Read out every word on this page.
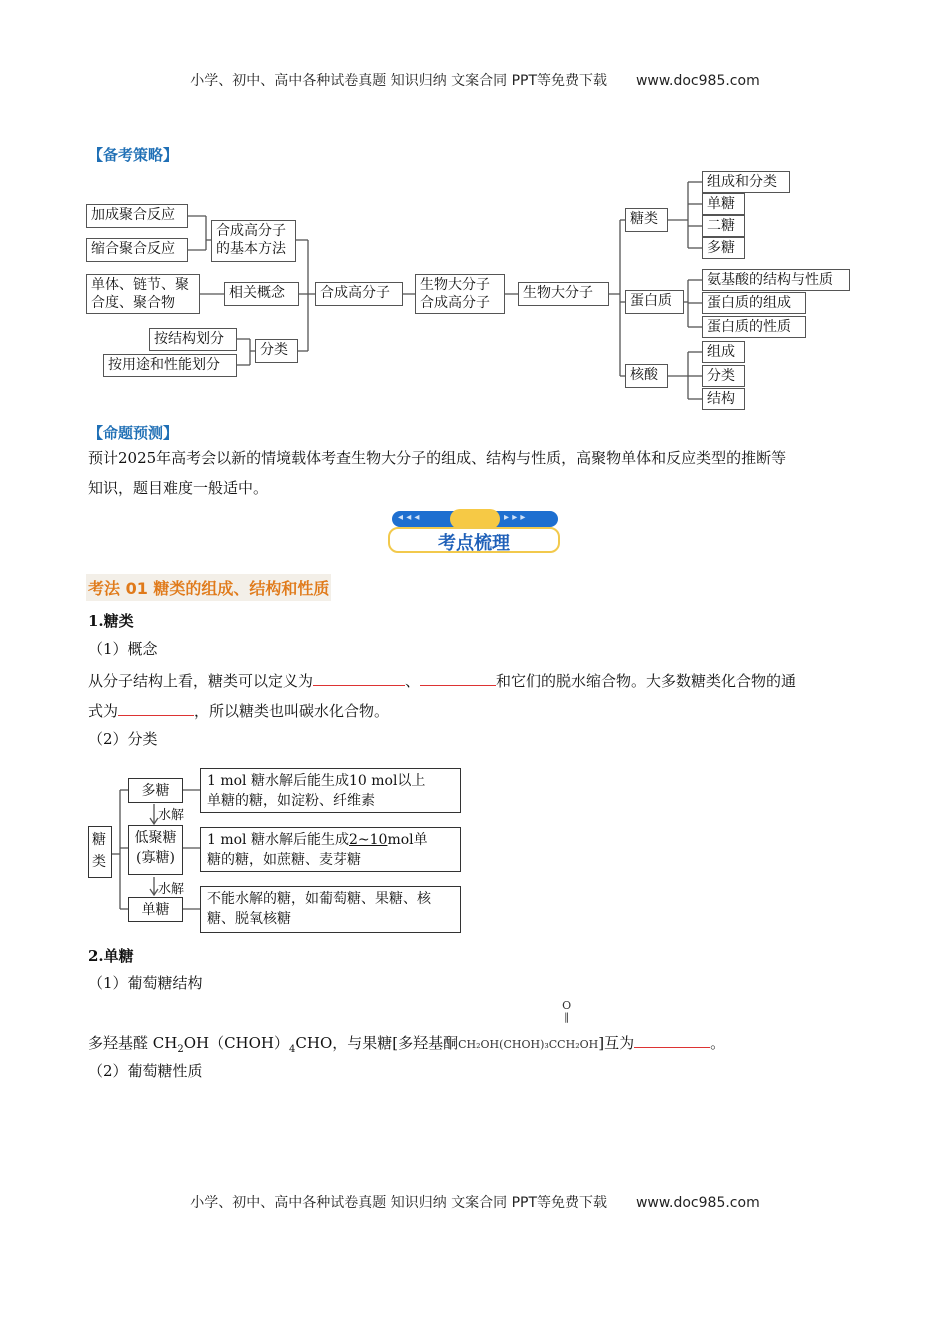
小学、初中、高中各种试卷真题 知识归纳 文案合同 PPT等免费下载 www.doc985.com
【备考策略】
加成聚合反应
缩合聚合反应
单体、链节、聚
合度、聚合物
按结构划分
按用途和性能划分
合成高分子
的基本方法
相关概念
分类
合成高分子	生物大分子
合成高分子
生物大分子
糖类
蛋白质
核酸
组成和分类
单糖
二糖
多糖
氨基酸的结构与性质
蛋白质的组成
蛋白质的性质
组成
分类
结构
【命题预测】
预计2025年高考会以新的情境载体考查生物大分子的组成、结构与性质，高聚物单体和反应类型的推断等
知识，题目难度一般适中。
◂ ◂ ◂	▸ ▸ ▸
考点梳理
考法 01 糖类的组成、结构和性质
1.糖类
（1）概念
从分子结构上看，糖类可以定义为	、	和它们的脱水缩合物。大多数糖类化合物的通
式为	，所以糖类也叫碳水化合物。
（2）分类
糖
类
多糖
水解
低聚糖
(寡糖)
水解
单糖
1 mol 糖水解后能生成10 mol以上
单糖的糖，如淀粉、纤维素
1 mol 糖水解后能生成2~10mol单
糖的糖，如蔗糖、麦芽糖
不能水解的糖，如葡萄糖、果糖、核
糖、脱氧核糖
2.单糖
（1）葡萄糖结构
多羟基醛 $CH_2OH(CHOH)_4CHO$，与果糖[多羟基酮
O
‖
CH₂OH(CHOH)₃CCH₂OH]互为	。
（2）葡萄糖性质
小学、初中、高中各种试卷真题 知识归纳 文案合同 PPT等免费下载 www.doc985.com
